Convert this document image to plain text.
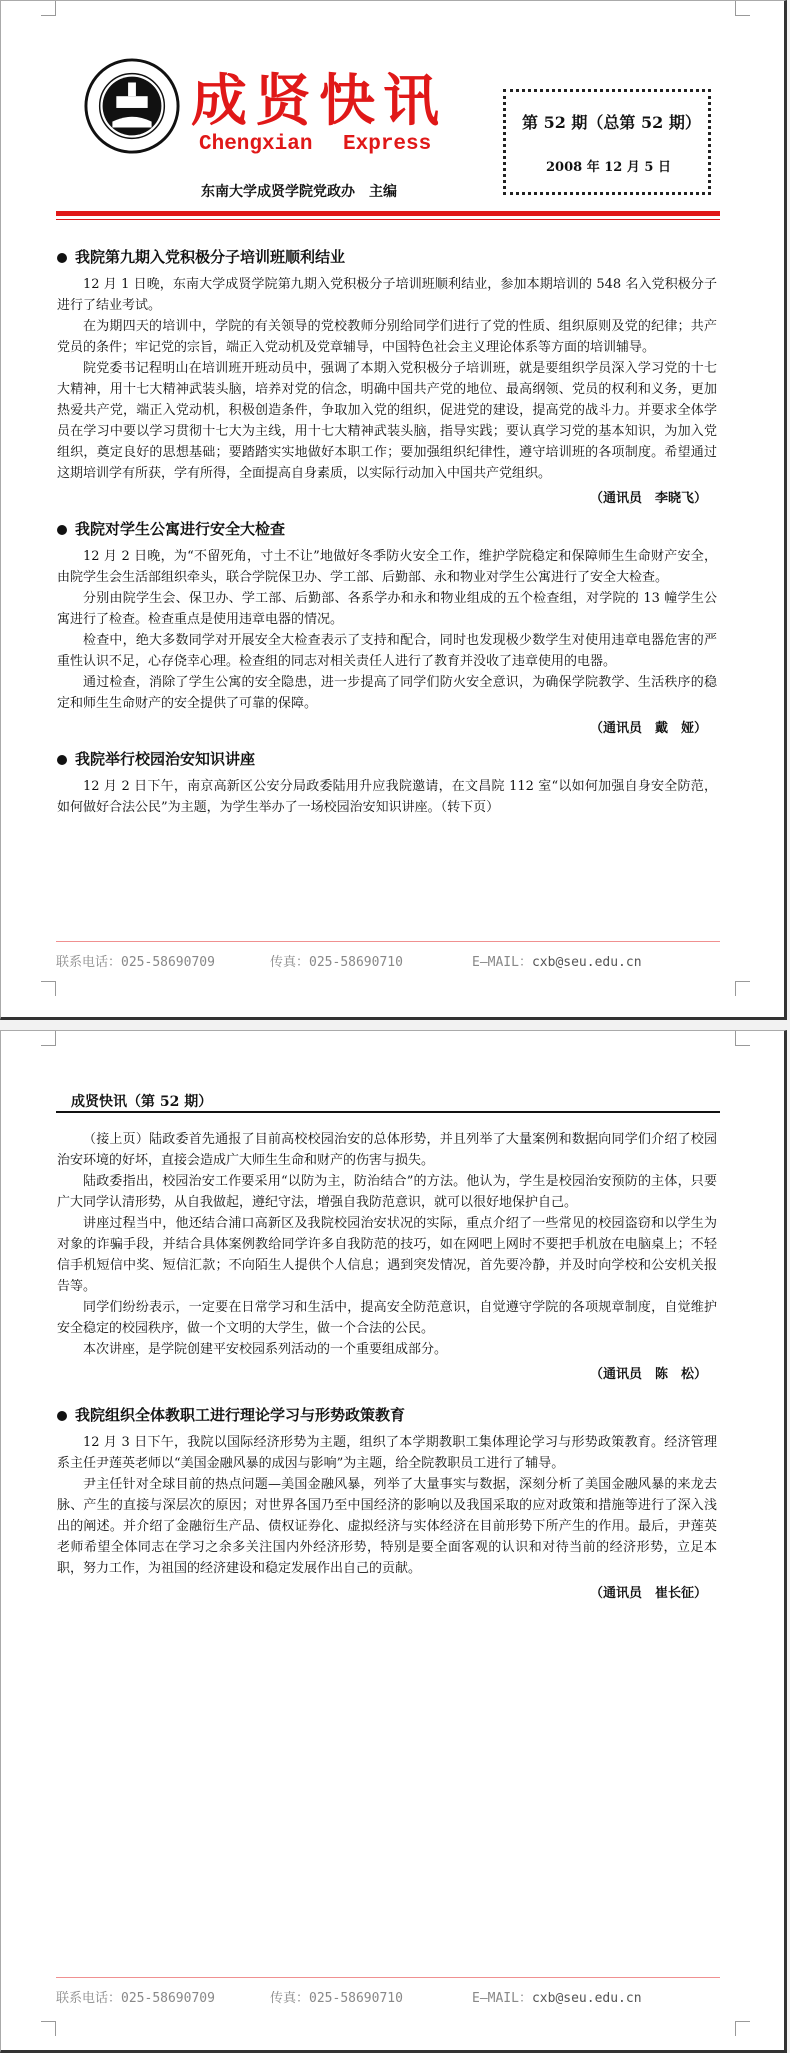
成贤快讯
Chengxian Express
东南大学成贤学院党政办　主编
第 52 期（总第 52 期）
2008 年 12 月 5 日
我院第九期入党积极分子培训班顺利结业

12 月 1 日晚，东南大学成贤学院第九期入党积极分子培训班顺利结业，参加本期培训的 548 名入党积极分子进行了结业考试。

在为期四天的培训中，学院的有关领导的党校教师分别给同学们进行了党的性质、组织原则及党的纪律；共产党员的条件；牢记党的宗旨，端正入党动机及党章辅导，中国特色社会主义理论体系等方面的培训辅导。

院党委书记程明山在培训班开班动员中，强调了本期入党积极分子培训班，就是要组织学员深入学习党的十七大精神，用十七大精神武装头脑，培养对党的信念，明确中国共产党的地位、最高纲领、党员的权利和义务，更加热爱共产党，端正入党动机，积极创造条件，争取加入党的组织，促进党的建设，提高党的战斗力。并要求全体学员在学习中要以学习贯彻十七大为主线，用十七大精神武装头脑，指导实践；要认真学习党的基本知识，为加入党组织，奠定良好的思想基础；要踏踏实实地做好本职工作；要加强组织纪律性，遵守培训班的各项制度。希望通过这期培训学有所获，学有所得，全面提高自身素质，以实际行动加入中国共产党组织。

（通讯员　李晓飞）
我院对学生公寓进行安全大检查

12 月 2 日晚，为“不留死角，寸土不让”地做好冬季防火安全工作，维护学院稳定和保障师生生命财产安全，由院学生会生活部组织牵头，联合学院保卫办、学工部、后勤部、永和物业对学生公寓进行了安全大检查。

分别由院学生会、保卫办、学工部、后勤部、各系学办和永和物业组成的五个检查组，对学院的 13 幢学生公寓进行了检查。检查重点是使用违章电器的情况。

检查中，绝大多数同学对开展安全大检查表示了支持和配合，同时也发现极少数学生对使用违章电器危害的严重性认识不足，心存侥幸心理。检查组的同志对相关责任人进行了教育并没收了违章使用的电器。

通过检查，消除了学生公寓的安全隐患，进一步提高了同学们防火安全意识，为确保学院教学、生活秩序的稳定和师生生命财产的安全提供了可靠的保障。

（通讯员　戴　娅）
我院举行校园治安知识讲座

12 月 2 日下午，南京高新区公安分局政委陆用升应我院邀请，在文昌院 112 室“以如何加强自身安全防范，如何做好合法公民”为主题，为学生举办了一场校园治安知识讲座。（转下页）

联系电话：025-58690709	传真：025-58690710	E—MAIL：cxb@seu.edu.cn
成贤快讯（第 52 期）

（接上页）陆政委首先通报了目前高校校园治安的总体形势，并且列举了大量案例和数据向同学们介绍了校园治安环境的好坏，直接会造成广大师生生命和财产的伤害与损失。

陆政委指出，校园治安工作要采用“以防为主，防治结合”的方法。他认为，学生是校园治安预防的主体，只要广大同学认清形势，从自我做起，遵纪守法，增强自我防范意识，就可以很好地保护自己。

讲座过程当中，他还结合浦口高新区及我院校园治安状况的实际，重点介绍了一些常见的校园盗窃和以学生为对象的诈骗手段，并结合具体案例教给同学许多自我防范的技巧，如在网吧上网时不要把手机放在电脑桌上；不轻信手机短信中奖、短信汇款；不向陌生人提供个人信息；遇到突发情况，首先要冷静，并及时向学校和公安机关报告等。

同学们纷纷表示，一定要在日常学习和生活中，提高安全防范意识，自觉遵守学院的各项规章制度，自觉维护安全稳定的校园秩序，做一个文明的大学生，做一个合法的公民。

本次讲座，是学院创建平安校园系列活动的一个重要组成部分。

（通讯员　陈　松）
我院组织全体教职工进行理论学习与形势政策教育

12 月 3 日下午，我院以国际经济形势为主题，组织了本学期教职工集体理论学习与形势政策教育。经济管理系主任尹莲英老师以“美国金融风暴的成因与影响”为主题，给全院教职员工进行了辅导。

尹主任针对全球目前的热点问题—美国金融风暴，列举了大量事实与数据，深刻分析了美国金融风暴的来龙去脉、产生的直接与深层次的原因；对世界各国乃至中国经济的影响以及我国采取的应对政策和措施等进行了深入浅出的阐述。并介绍了金融衍生产品、债权证券化、虚拟经济与实体经济在目前形势下所产生的作用。最后，尹莲英老师希望全体同志在学习之余多关注国内外经济形势，特别是要全面客观的认识和对待当前的经济形势，立足本职，努力工作，为祖国的经济建设和稳定发展作出自己的贡献。

（通讯员　崔长征）
联系电话：025-58690709	传真：025-58690710	E—MAIL：cxb@seu.edu.cn
